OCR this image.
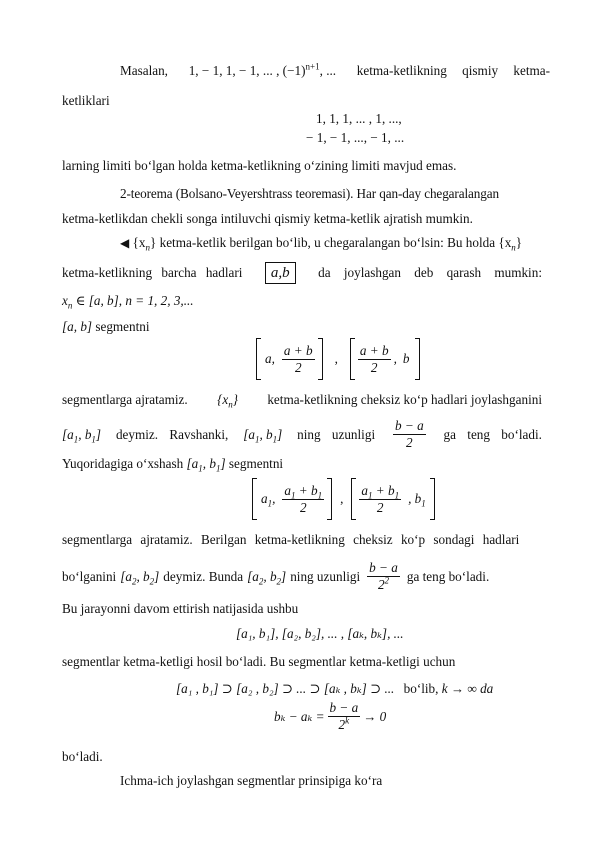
Masalan, 1, − 1, 1, − 1, ... , $(-1)^{n+1}$, ... ketma-ketlikning qismiy ketma-
ketliklari
1, 1, 1, ... , 1, ...,
− 1, − 1, ..., − 1, ...
larning limiti bo‘lgan holda ketma-ketlikning o‘zining limiti mavjud emas.
2-teorema (Bolsano-Veyershtrass teoremasi). Har qan-day chegaralangan
ketma-ketlikdan chekli songa intiluvchi qismiy ketma-ketlik ajratish mumkin.
◀ $\{x_n\}$ ketma-ketlik berilgan bo‘lib, u chegaralangan bo‘lsin: Bu holda $\{x_n\}$
ketma-ketlikning barcha hadlari	a,b	da joylashgan deb qarash mumkin:
$x_n$ ∈ [a, b], n = 1, 2, 3,...
[a, b] segmentni
a, $\frac{a + b}{2}$ , $\frac{a + b}{2}$ , b
segmentlarga ajratamiz. $\{x_n\}$ ketma-ketlikning cheksiz ko‘p hadlari joylashganini
[$a_1$, $b_1$] deymiz. Ravshanki, [$a_1$, $b_1$] ning uzunligi $\frac{b - a}{2}$ ga teng bo‘ladi.
Yuqoridagiga o‘xshash [$a_1$, $b_1$] segmentni
$a_1$, $\frac{a_1 + b_1}{2}$ , $\frac{a_1 + b_1}{2}$ , $b_1$
segmentlarga ajratamiz. Berilgan ketma-ketlikning cheksiz ko‘p sondagi hadlari
bo‘lganini [$a_2$, $b_2$] deymiz. Bunda [$a_2$, $b_2$] ning uzunligi $\frac{b - a}{2^2}$ ga teng bo‘ladi.
Bu jarayonni davom ettirish natijasida ushbu
[a₁, b₁], [a₂, b₂], ... , [aₖ, bₖ], ...
segmentlar ketma-ketligi hosil bo‘ladi. Bu segmentlar ketma-ketligi uchun
[a₁ , b₁] ⊃ [a₂ , b₂] ⊃ ... ⊃ [aₖ , bₖ] ⊃ ... bo‘lib, k → ∞ da
$b_k - a_k = \frac{b - a}{2^k} \to 0$
bo‘ladi.
Ichma-ich joylashgan segmentlar prinsipiga ko‘ra
